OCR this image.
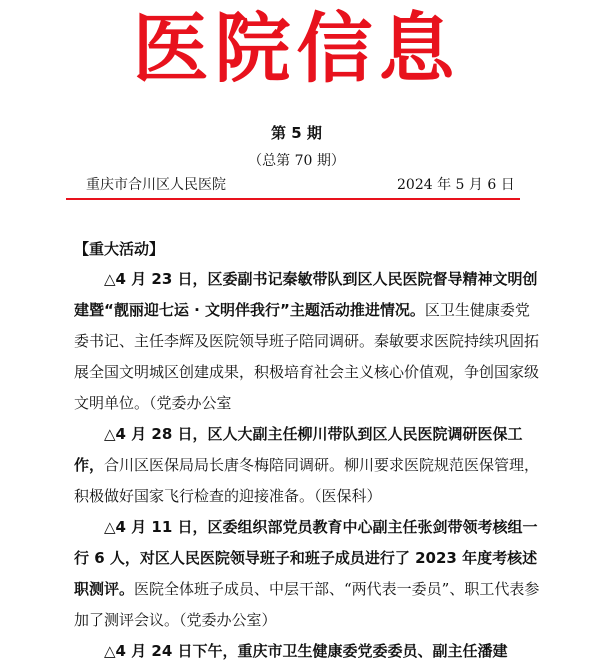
医院信息
第 5 期
（总第 70 期）
重庆市合川区人民医院	2024 年 5 月 6 日
【重大活动】

△4 月 23 日，区委副书记秦敏带队到区人民医院督导精神文明创建暨“靓丽迎七运 · 文明伴我行”主题活动推进情况。区卫生健康委党委书记、主任李辉及医院领导班子陪同调研。秦敏要求医院持续巩固拓展全国文明城区创建成果，积极培育社会主义核心价值观，争创国家级文明单位。（党委办公室

△4 月 28 日，区人大副主任柳川带队到区人民医院调研医保工作，合川区医保局局长唐冬梅陪同调研。柳川要求医院规范医保管理，积极做好国家飞行检查的迎接准备。（医保科）

△4 月 11 日，区委组织部党员教育中心副主任张剑带领考核组一行 6 人，对区人民医院领导班子和班子成员进行了 2023 年度考核述职测评。医院全体班子成员、中层干部、“两代表一委员”、职工代表参加了测评会议。（党委办公室）

△4 月 24 日下午，重庆市卫生健康委党委委员、副主任潘建
